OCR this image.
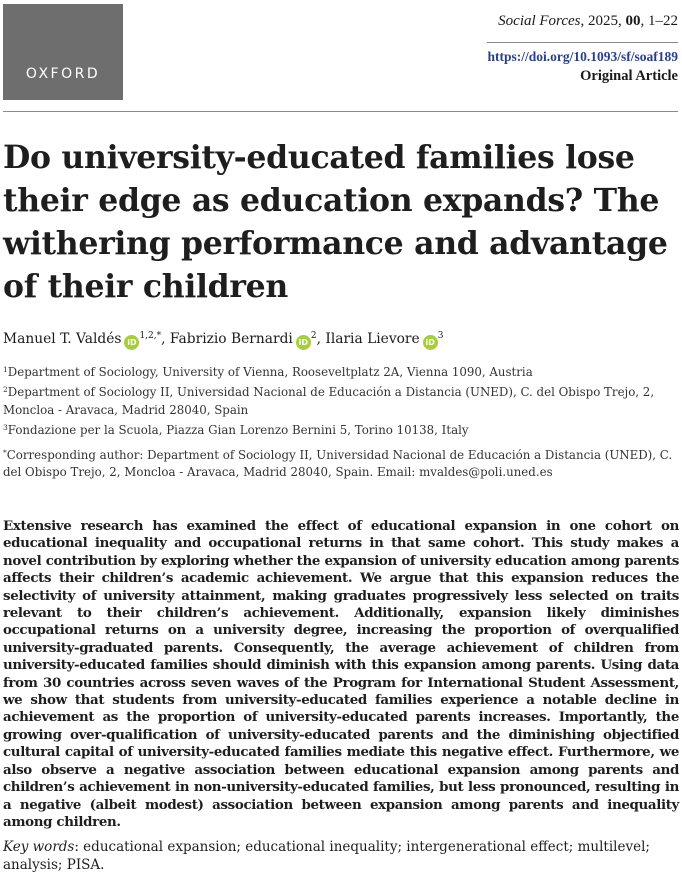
OXFORD
Social Forces, 2025, 00, 1–22
https://doi.org/10.1093/sf/soaf189
Original Article
Do university-educated families lose their edge as education expands? The withering performance and advantage of their children
Manuel T. Valdés $iD^{1,2,*}$, Fabrizio Bernardi $iD^2$, Ilaria Lievore $iD^3$

$^1$Department of Sociology, University of Vienna, Rooseveltplatz 2A, Vienna 1090, Austria

$^2$Department of Sociology II, Universidad Nacional de Educación a Distancia (UNED), C. del Obispo Trejo, 2, Moncloa - Aravaca, Madrid 28040, Spain

$^3$Fondazione per la Scuola, Piazza Gian Lorenzo Bernini 5, Torino 10138, Italy

*Corresponding author: Department of Sociology II, Universidad Nacional de Educación a Distancia (UNED), C. del Obispo Trejo, 2, Moncloa - Aravaca, Madrid 28040, Spain. Email: mvaldes@poli.uned.es

Extensive research has examined the effect of educational expansion in one cohort on educational inequality and occupational returns in that same cohort. This study makes a novel contribution by exploring whether the expansion of university education among parents affects their children’s academic achievement. We argue that this expansion reduces the selectivity of university attainment, making graduates progressively less selected on traits relevant to their children’s achievement. Additionally, expansion likely diminishes occupational returns on a university degree, increasing the proportion of overqualified university-graduated parents. Consequently, the average achievement of children from university-educated families should diminish with this expansion among parents. Using data from 30 countries across seven waves of the Program for International Student Assessment, we show that students from university-educated families experience a notable decline in achievement as the proportion of university-educated parents increases. Importantly, the growing over-qualification of university-educated parents and the diminishing objectified cultural capital of university-educated families mediate this negative effect. Furthermore, we also observe a negative association between educational expansion among parents and children’s achievement in non-university-educated families, but less pronounced, resulting in a negative (albeit modest) association between expansion among parents and inequality among children.

Key words: educational expansion; educational inequality; intergenerational effect; multilevel; analysis; PISA.
